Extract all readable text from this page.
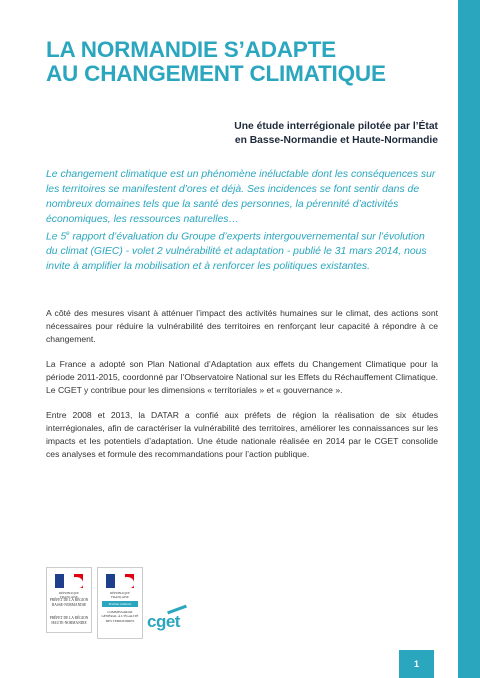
LA NORMANDIE S’ADAPTE
AU CHANGEMENT CLIMATIQUE
Une étude interrégionale pilotée par l’État
en Basse-Normandie et Haute-Normandie

Le changement climatique est un phénomène inéluctable dont les conséquences sur les territoires se manifestent d’ores et déjà. Ses incidences se font sentir dans de nombreux domaines tels que la santé des personnes, la pérennité d’activités économiques, les ressources naturelles…

Le 5e rapport d’évaluation du Groupe d’experts intergouvernemental sur l’évolution du climat (GIEC) - volet 2 vulnérabilité et adaptation - publié le 31 mars 2014, nous invite à amplifier la mobilisation et à renforcer les politiques existantes.

A côté des mesures visant à atténuer l’impact des activités humaines sur le climat, des actions sont nécessaires pour réduire la vulnérabilité des territoires en renforçant leur capacité à répondre à ce changement.

La France a adopté son Plan National d’Adaptation aux effets du Changement Climatique pour la période 2011-2015, coordonné par l’Observatoire National sur les Effets du Réchauffement Climatique. Le CGET y contribue pour les dimensions « territoriales » et « gouvernance ».

Entre 2008 et 2013, la DATAR a confié aux préfets de région la réalisation de six études interrégionales, afin de caractériser la vulnérabilité des territoires, améliorer les connaissances sur les impacts et les potentiels d’adaptation. Une étude nationale réalisée en 2014 par le CGET consolide ces analyses et formule des recommandations pour l’action publique.

RÉPUBLIQUE FRANÇAISE
PRÉFET DE LA RÉGION BASSE-NORMANDIE
PRÉFET DE LA RÉGION HAUTE-NORMANDIE
RÉPUBLIQUE FRANÇAISE
Premier ministre
COMMISSARIAT GÉNÉRAL À L’ÉGALITÉ DES TERRITOIRES cget
1
